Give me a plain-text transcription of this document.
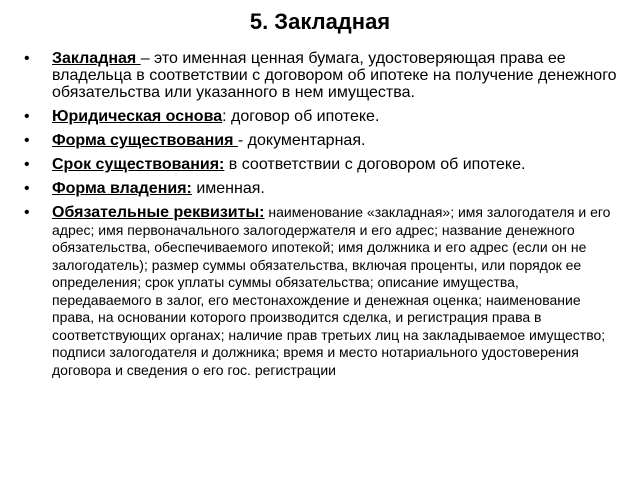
5. Закладная
•	Закладная – это именная ценная бумага, удостоверяющая права ее владельца в соответствии с договором об ипотеке на получение денежного обязательства или указанного в нем имущества.
•	Юридическая основа: договор об ипотеке.
•	Форма существования - документарная.
•	Срок существования: в соответствии с договором об ипотеке.
•	Форма владения: именная.
•	Обязательные реквизиты: наименование «закладная»; имя залогодателя и его адрес; имя первоначального залогодержателя и его адрес; название денежного обязательства, обеспечиваемого ипотекой; имя должника и его адрес (если он не залогодатель); размер суммы обязательства, включая проценты, или порядок ее определения; срок уплаты суммы обязательства; описание имущества, передаваемого в залог, его местонахождение и денежная оценка; наименование права, на основании которого производится сделка, и регистрация права в соответствующих органах; наличие прав третьих лиц на закладываемое имущество; подписи залогодателя и должника; время и место нотариального удостоверения договора и сведения о его гос. регистрации
